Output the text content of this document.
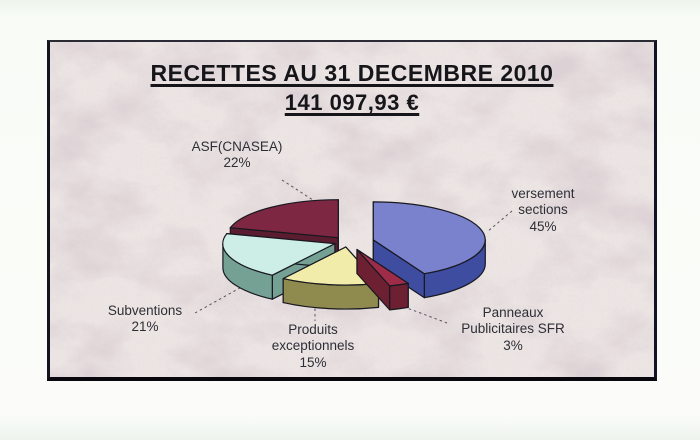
RECETTES AU 31 DECEMBRE 2010
141 097,93 €
ASF(CNASEA)
22%
versement
sections
45%
Subventions
21%	Produits
exceptionnels
15%
Panneaux
Publicitaires SFR
3%
